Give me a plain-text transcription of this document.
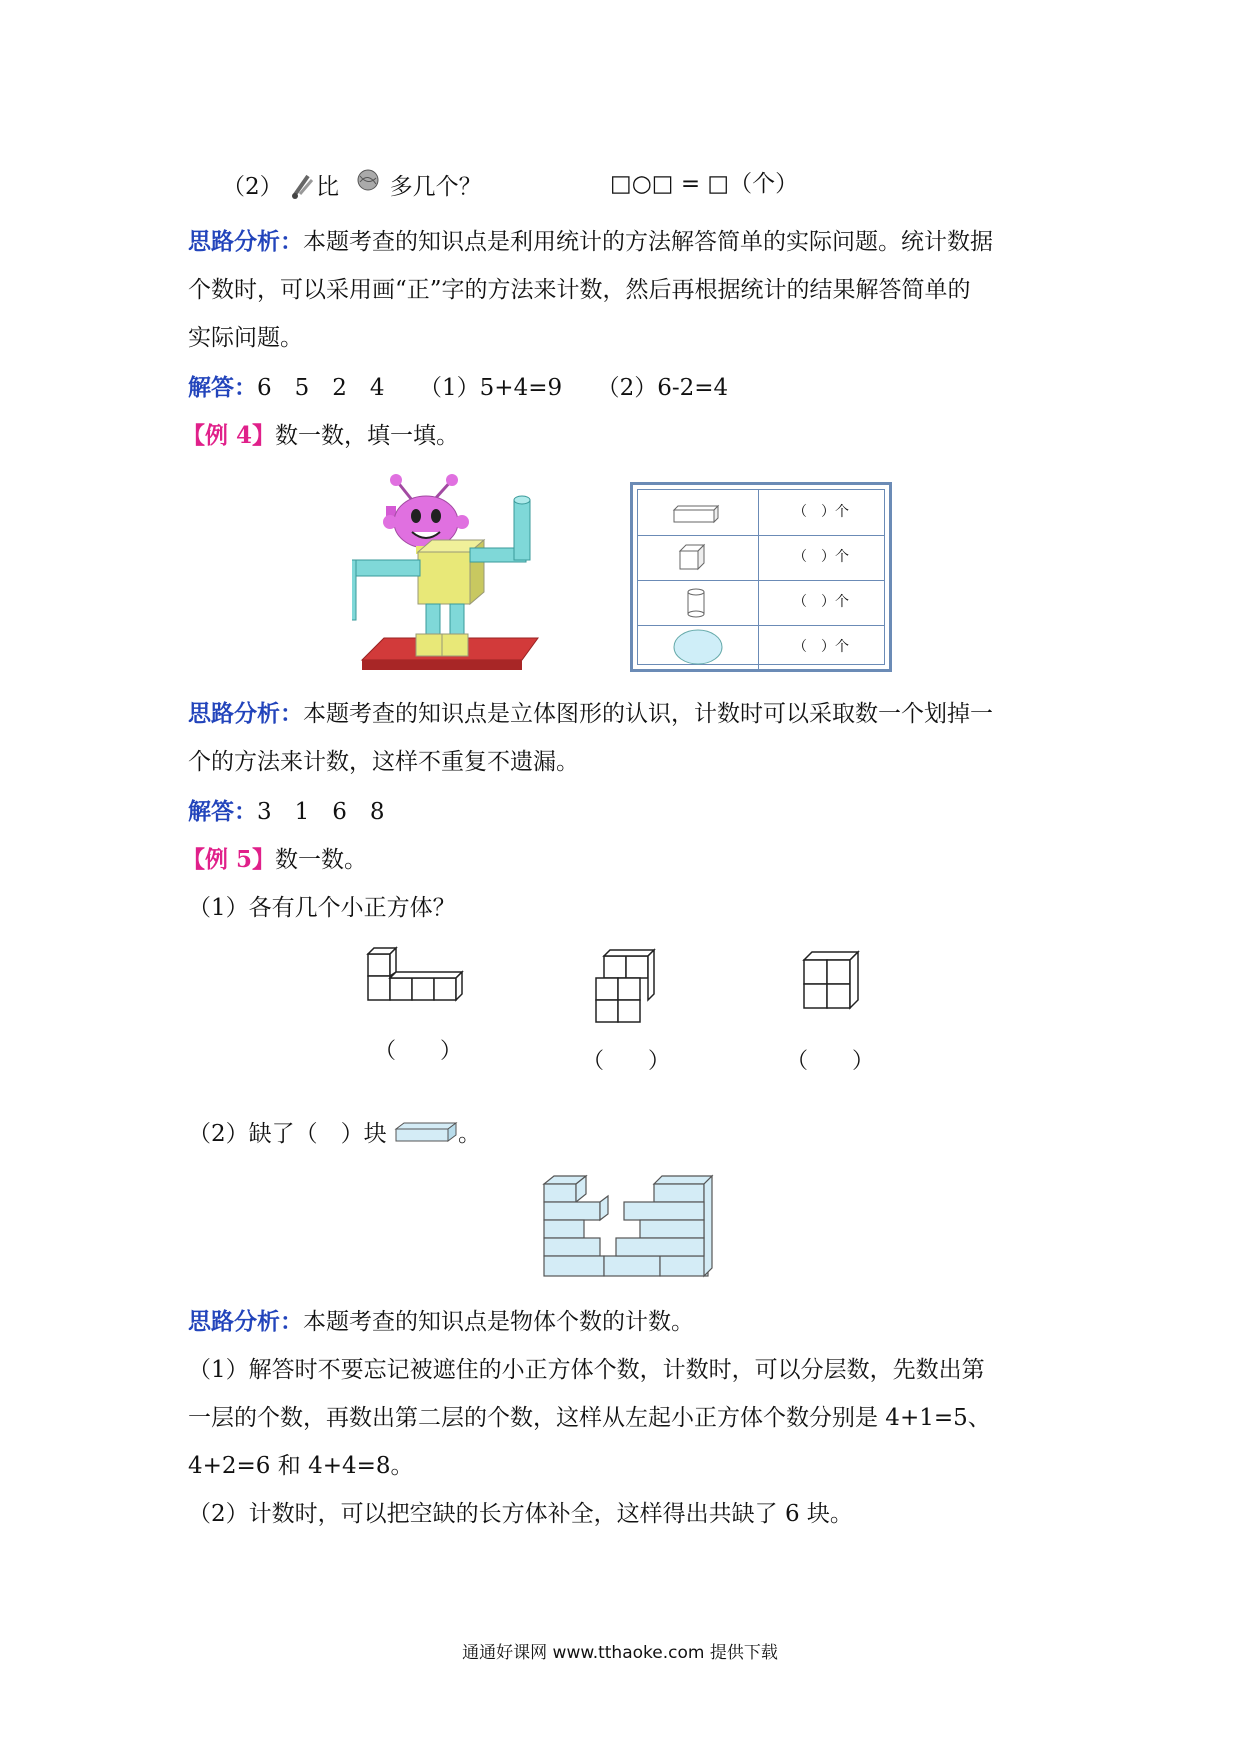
（2） 比 多几个？	□○□ = □（个）
思路分析：本题考查的知识点是利用统计的方法解答简单的实际问题。统计数据
个数时，可以采用画“正”字的方法来计数，然后再根据统计的结果解答简单的
实际问题。
解答：6　5　2　4　　（1）5+4=9　　（2）6-2=4
【例 4】数一数，填一填。
（　）个
（　）个
（　）个
（　）个
思路分析：本题考查的知识点是立体图形的认识，计数时可以采取数一个划掉一
个的方法来计数，这样不重复不遗漏。
解答：3　1　6　8
【例 5】数一数。
（1）各有几个小正方体？
（　　）	（　　）	（　　）
（2）缺了（　）块	。
思路分析：本题考查的知识点是物体个数的计数。
（1）解答时不要忘记被遮住的小正方体个数，计数时，可以分层数，先数出第
一层的个数，再数出第二层的个数，这样从左起小正方体个数分别是 4+1=5、
4+2=6 和 4+4=8。
（2）计数时，可以把空缺的长方体补全，这样得出共缺了 6 块。
通通好课网 www.tthaoke.com 提供下载
